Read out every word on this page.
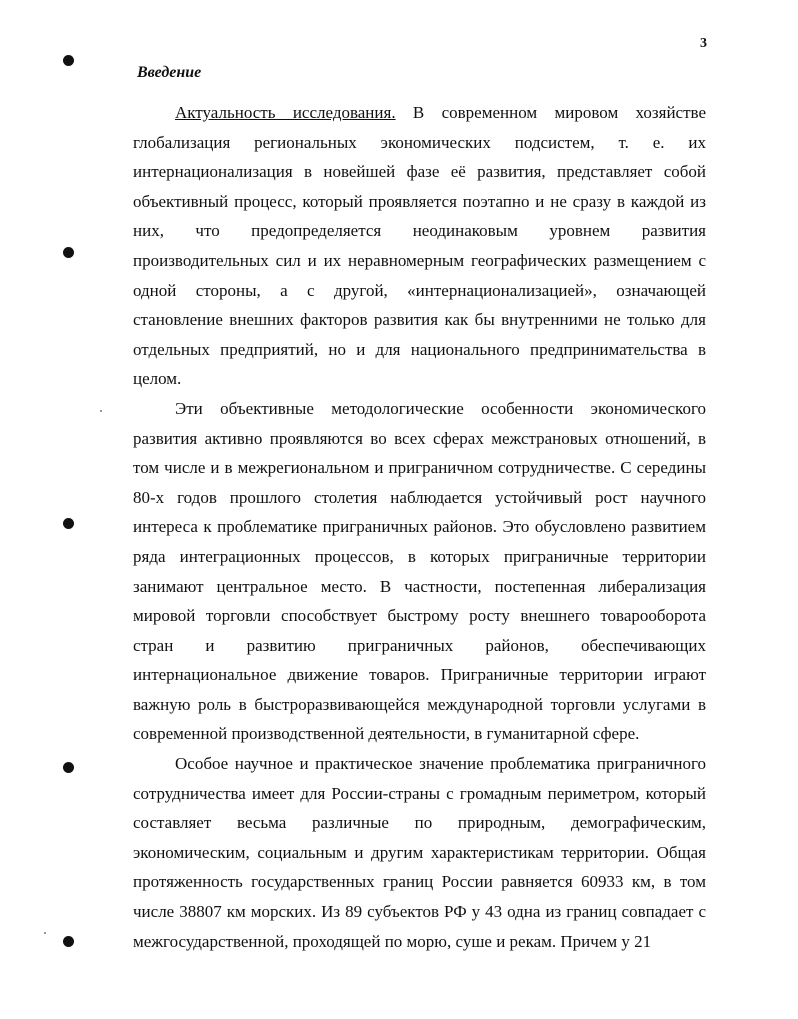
3
Введение

Актуальность исследования. В современном мировом хозяйстве глобализация региональных экономических подсистем, т. е. их интернационализация в новейшей фазе её развития, представляет собой объективный процесс, который проявляется поэтапно и не сразу в каждой из них, что предопределяется неодинаковым уровнем развития производительных сил и их неравномерным географических размещением с одной стороны, а с другой, «интернационализацией», означающей становление внешних факторов развития как бы внутренними не только для отдельных предприятий, но и для национального предпринимательства в целом.

Эти объективные методологические особенности экономического развития активно проявляются во всех сферах межстрановых отношений, в том числе и в межрегиональном и приграничном сотрудничестве. С середины 80-х годов прошлого столетия наблюдается устойчивый рост научного интереса к проблематике приграничных районов. Это обусловлено развитием ряда интеграционных процессов, в которых приграничные территории занимают центральное место. В частности, постепенная либерализация мировой торговли способствует быстрому росту внешнего товарооборота стран и развитию приграничных районов, обеспечивающих интернациональное движение товаров. Приграничные территории играют важную роль в быстроразвивающейся международной торговли услугами в современной производственной деятельности, в гуманитарной сфере.

Особое научное и практическое значение проблематика приграничного сотрудничества имеет для России-страны с громадным периметром, который составляет весьма различные по природным, демографическим, экономическим, социальным и другим характеристикам территории. Общая протяженность государственных границ России равняется 60933 км, в том числе 38807 км морских. Из 89 субъектов РФ у 43 одна из границ совпадает с межгосударственной, проходящей по морю, суше и рекам. Причем у 21
